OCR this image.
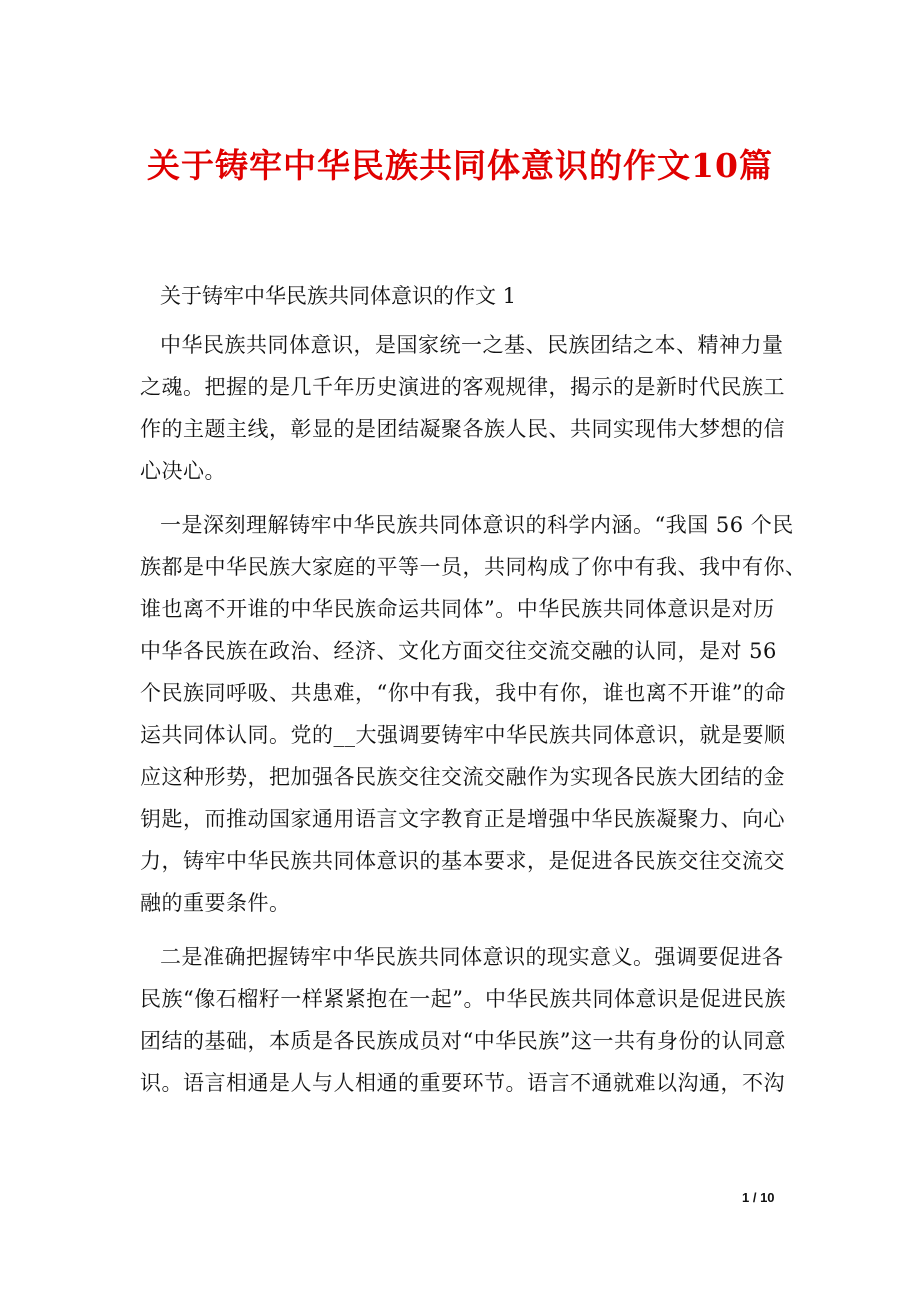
关于铸牢中华民族共同体意识的作文10篇

关于铸牢中华民族共同体意识的作文 1

中华民族共同体意识，是国家统一之基、民族团结之本、精神力量
之魂。把握的是几千年历史演进的客观规律，揭示的是新时代民族工
作的主题主线，彰显的是团结凝聚各族人民、共同实现伟大梦想的信
心决心。
一是深刻理解铸牢中华民族共同体意识的科学内涵。“我国 56 个民
族都是中华民族大家庭的平等一员，共同构成了你中有我、我中有你、
谁也离不开谁的中华民族命运共同体”。中华民族共同体意识是对历
中华各民族在政治、经济、文化方面交往交流交融的认同，是对 56
个民族同呼吸、共患难，“你中有我，我中有你，谁也离不开谁”的命
运共同体认同。党的__大强调要铸牢中华民族共同体意识，就是要顺
应这种形势，把加强各民族交往交流交融作为实现各民族大团结的金
钥匙，而推动国家通用语言文字教育正是增强中华民族凝聚力、向心
力，铸牢中华民族共同体意识的基本要求，是促进各民族交往交流交
融的重要条件。
二是准确把握铸牢中华民族共同体意识的现实意义。强调要促进各
民族“像石榴籽一样紧紧抱在一起”。中华民族共同体意识是促进民族
团结的基础，本质是各民族成员对“中华民族”这一共有身份的认同意
识。语言相通是人与人相通的重要环节。语言不通就难以沟通，不沟
1 / 10
